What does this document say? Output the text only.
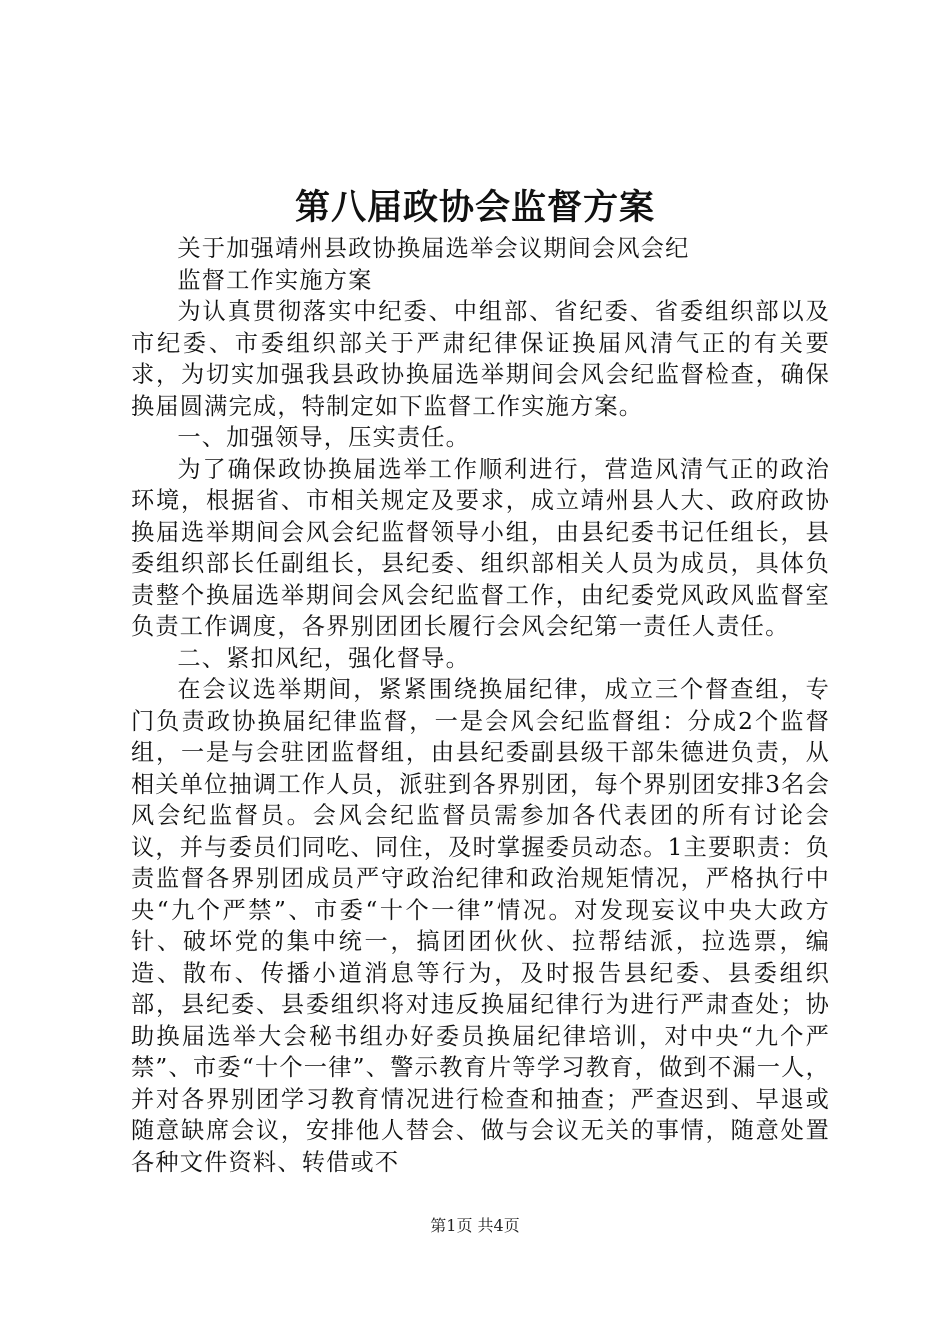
第八届政协会监督方案

关于加强靖州县政协换届选举会议期间会风会纪

监督工作实施方案

为认真贯彻落实中纪委、中组部、省纪委、省委组织部以及市纪委、市委组织部关于严肃纪律保证换届风清气正的有关要求，为切实加强我县政协换届选举期间会风会纪监督检查，确保换届圆满完成，特制定如下监督工作实施方案。

一、加强领导，压实责任。

为了确保政协换届选举工作顺利进行，营造风清气正的政治环境，根据省、市相关规定及要求，成立靖州县人大、政府政协换届选举期间会风会纪监督领导小组，由县纪委书记任组长，县委组织部长任副组长，县纪委、组织部相关人员为成员，具体负责整个换届选举期间会风会纪监督工作，由纪委党风政风监督室负责工作调度，各界别团团长履行会风会纪第一责任人责任。

二、紧扣风纪，强化督导。

在会议选举期间，紧紧围绕换届纪律，成立三个督查组，专门负责政协换届纪律监督，一是会风会纪监督组：分成2个监督组，一是与会驻团监督组，由县纪委副县级干部朱德进负责，从相关单位抽调工作人员，派驻到各界别团，每个界别团安排3名会风会纪监督员。会风会纪监督员需参加各代表团的所有讨论会议，并与委员们同吃、同住，及时掌握委员动态。1主要职责：负责监督各界别团成员严守政治纪律和政治规矩情况，严格执行中央“九个严禁”、市委“十个一律”情况。对发现妄议中央大政方针、破坏党的集中统一，搞团团伙伙、拉帮结派，拉选票，编造、散布、传播小道消息等行为，及时报告县纪委、县委组织部，县纪委、县委组织将对违反换届纪律行为进行严肃查处；协助换届选举大会秘书组办好委员换届纪律培训，对中央“九个严禁”、市委“十个一律”、警示教育片等学习教育，做到不漏一人，并对各界别团学习教育情况进行检查和抽查；严查迟到、早退或随意缺席会议，安排他人替会、做与会议无关的事情，随意处置各种文件资料、转借或不

第1页 共4页
